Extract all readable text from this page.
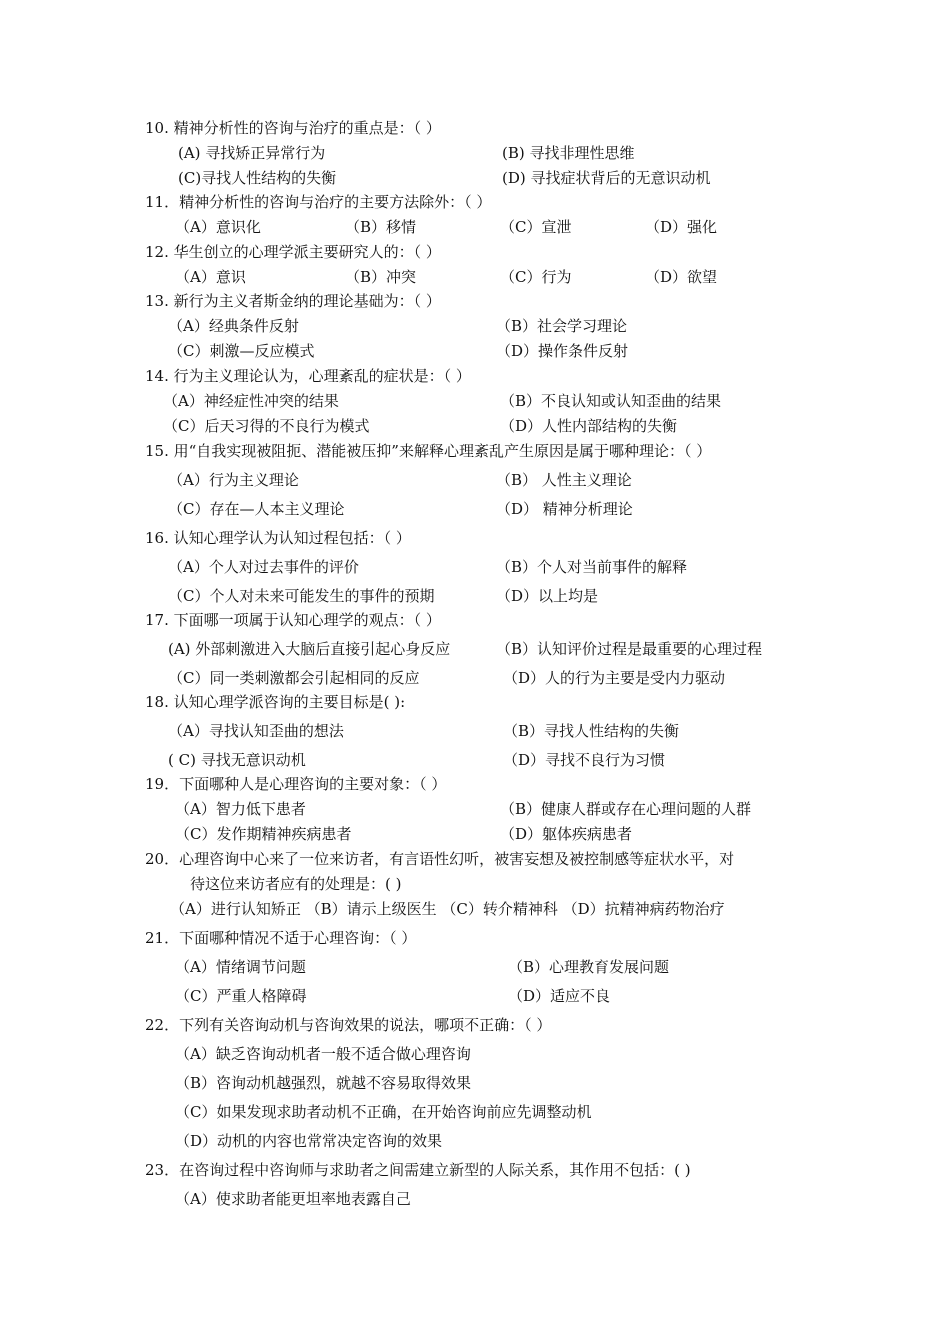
10. 精神分析性的咨询与治疗的重点是：（ ）
(A) 寻找矫正异常行为	(B) 寻找非理性思维
(C)寻找人性结构的失衡	(D) 寻找症状背后的无意识动机
11．精神分析性的咨询与治疗的主要方法除外：（ ）
（A）意识化	（B）移情	（C）宣泄	（D）强化
12. 华生创立的心理学派主要研究人的：（ ）
（A）意识	（B）冲突	（C）行为	（D）欲望
13. 新行为主义者斯金纳的理论基础为：（ ）
（A）经典条件反射	（B）社会学习理论
（C）刺激—反应模式	（D）操作条件反射
14. 行为主义理论认为，心理紊乱的症状是：（ ）
（A）神经症性冲突的结果	（B）不良认知或认知歪曲的结果
（C）后天习得的不良行为模式	（D）人性内部结构的失衡
15. 用“自我实现被阻扼、潜能被压抑”来解释心理紊乱产生原因是属于哪种理论：（ ）
（A）行为主义理论	（B） 人性主义理论
（C）存在—人本主义理论	（D） 精神分析理论
16. 认知心理学认为认知过程包括：（ ）
（A）个人对过去事件的评价	（B）个人对当前事件的解释
（C）个人对未来可能发生的事件的预期	（D）以上均是
17. 下面哪一项属于认知心理学的观点：（ ）
(A) 外部刺激进入大脑后直接引起心身反应	（B）认知评价过程是最重要的心理过程
（C）同一类刺激都会引起相同的反应	（D）人的行为主要是受内力驱动
18. 认知心理学派咨询的主要目标是( ):
（A）寻找认知歪曲的想法	（B）寻找人性结构的失衡
( C) 寻找无意识动机	（D）寻找不良行为习惯
19．下面哪种人是心理咨询的主要对象：（ ）
（A）智力低下患者	（B）健康人群或存在心理问题的人群
（C）发作期精神疾病患者	（D）躯体疾病患者
20．心理咨询中心来了一位来访者，有言语性幻听，被害妄想及被控制感等症状水平，对
待这位来访者应有的处理是：( )
（A）进行认知矫正 （B）请示上级医生 （C）转介精神科 （D）抗精神病药物治疗
21．下面哪种情况不适于心理咨询：（ ）
（A）情绪调节问题	（B）心理教育发展问题
（C）严重人格障碍	（D）适应不良
22．下列有关咨询动机与咨询效果的说法，哪项不正确：（ ）
（A）缺乏咨询动机者一般不适合做心理咨询
（B）咨询动机越强烈，就越不容易取得效果
（C）如果发现求助者动机不正确，在开始咨询前应先调整动机
（D）动机的内容也常常决定咨询的效果
23．在咨询过程中咨询师与求助者之间需建立新型的人际关系，其作用不包括：( )
（A）使求助者能更坦率地表露自己
